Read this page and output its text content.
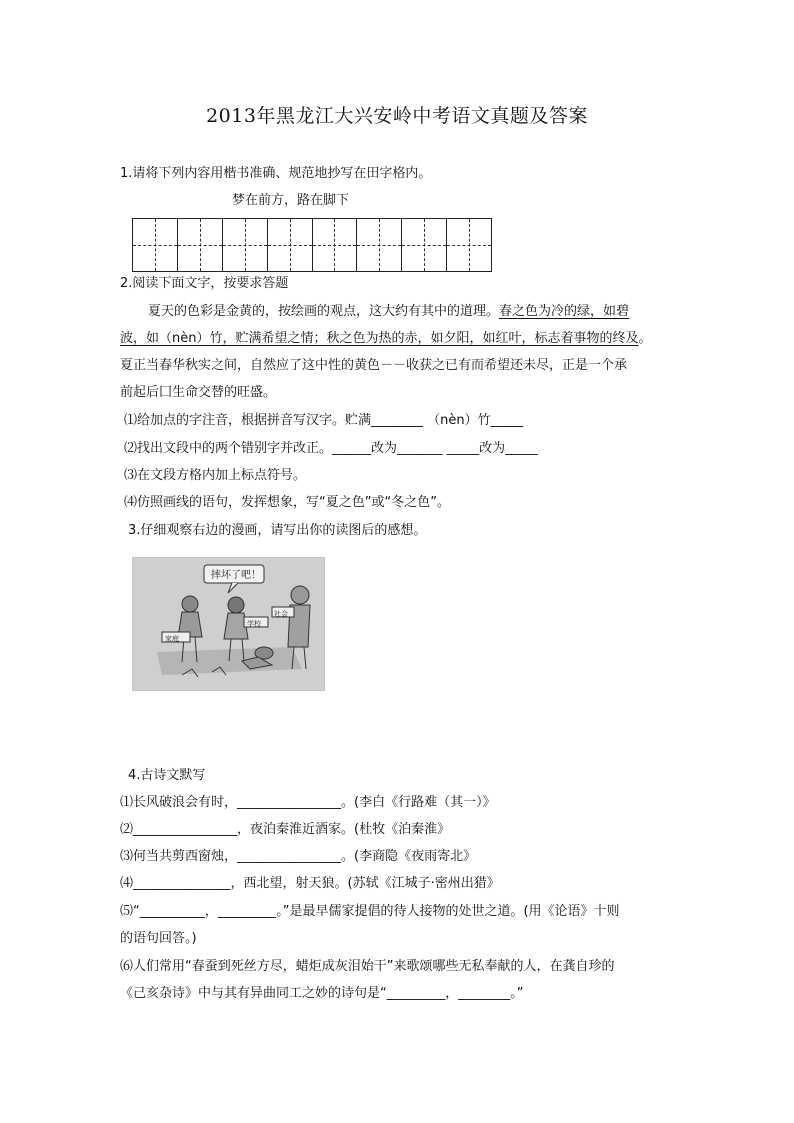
2013年黑龙江大兴安岭中考语文真题及答案
1.请将下列内容用楷书准确、规范地抄写在田字格内。
梦在前方，路在脚下
2.阅读下面文字，按要求答题
夏天的色彩是金黄的，按绘画的观点，这大约有其中的道理。春之色为冷的绿，如碧
波，如（nèn）竹，贮满希望之情；秋之色为热的赤，如夕阳，如红叶，标志着事物的终及。
夏正当春华秋实之间，自然应了这中性的黄色－－收获之已有而希望还未尽，正是一个承
前起后囗生命交替的旺盛。
⑴给加点的字注音，根据拼音写汉字。贮满________ （nèn）竹_____
⑵找出文段中的两个错别字并改正。______改为_______ _____改为_____
⑶在文段方格内加上标点符号。
⑷仿照画线的语句，发挥想象，写“夏之色”或“冬之色”。
3.仔细观察右边的漫画，请写出你的读图后的感想。
摔坏了吧！
家庭
学校
社会
4.古诗文默写
⑴长风破浪会有时，________________。(李白《行路难（其一）》
⑵________________，夜泊秦淮近酒家。(杜牧《泊秦淮》
⑶何当共剪西窗烛，________________。(李商隐《夜雨寄北》
⑷_______________，西北望，射天狼。(苏轼《江城子·密州出猎》
⑸“__________，_________。”是最早儒家提倡的待人接物的处世之道。(用《论语》十则
的语句回答。)
⑹人们常用“春蚕到死丝方尽，蜡炬成灰泪始干”来歌颂哪些无私奉献的人，在龚自珍的
《己亥杂诗》中与其有异曲同工之妙的诗句是“_________，________。”
